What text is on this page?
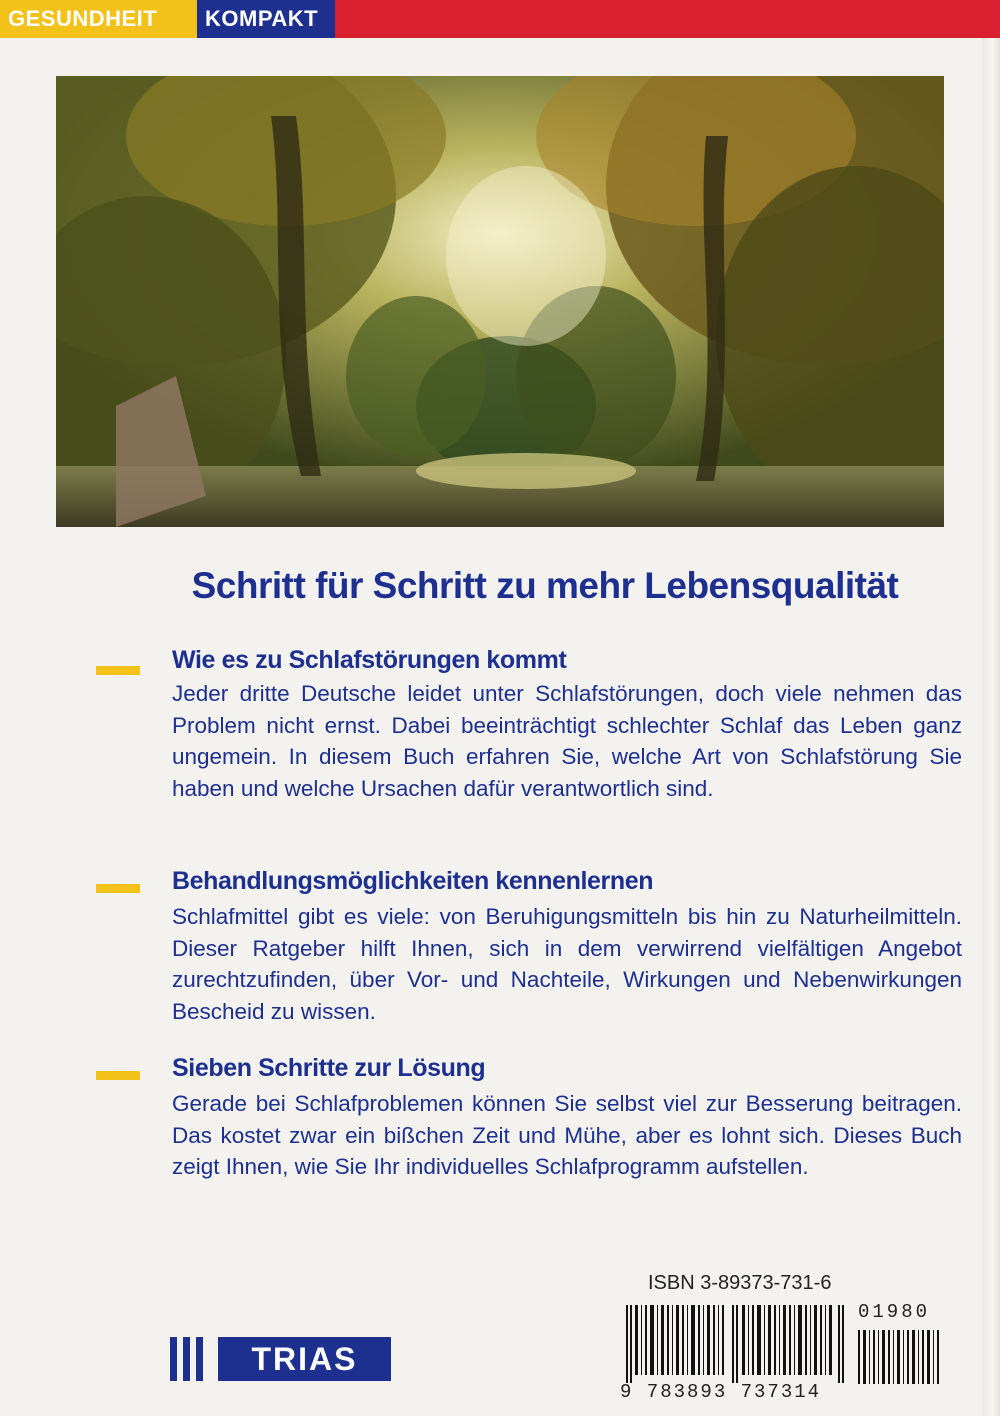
GESUNDHEIT	KOMPAKT
Schritt für Schritt zu mehr Lebensqualität
Wie es zu Schlafstörungen kommt
Jeder dritte Deutsche leidet unter Schlafstörungen, doch viele nehmen das Problem nicht ernst. Dabei beeinträchtigt schlechter Schlaf das Leben ganz ungemein. In diesem Buch erfahren Sie, welche Art von Schlafstörung Sie haben und welche Ursachen dafür verantwortlich sind.
Behandlungsmöglichkeiten kennenlernen
Schlafmittel gibt es viele: von Beruhigungsmitteln bis hin zu Naturheilmitteln. Dieser Ratgeber hilft Ihnen, sich in dem verwirrend vielfältigen Angebot zurechtzufinden, über Vor- und Nachteile, Wirkungen und Nebenwirkungen Bescheid zu wissen.
Sieben Schritte zur Lösung
Gerade bei Schlafproblemen können Sie selbst viel zur Besserung beitragen. Das kostet zwar ein bißchen Zeit und Mühe, aber es lohnt sich. Dieses Buch zeigt Ihnen, wie Sie Ihr individuelles Schlafprogramm aufstellen.
ISBN 3-89373-731-6
TRIAS
9 783893 737314
01980
